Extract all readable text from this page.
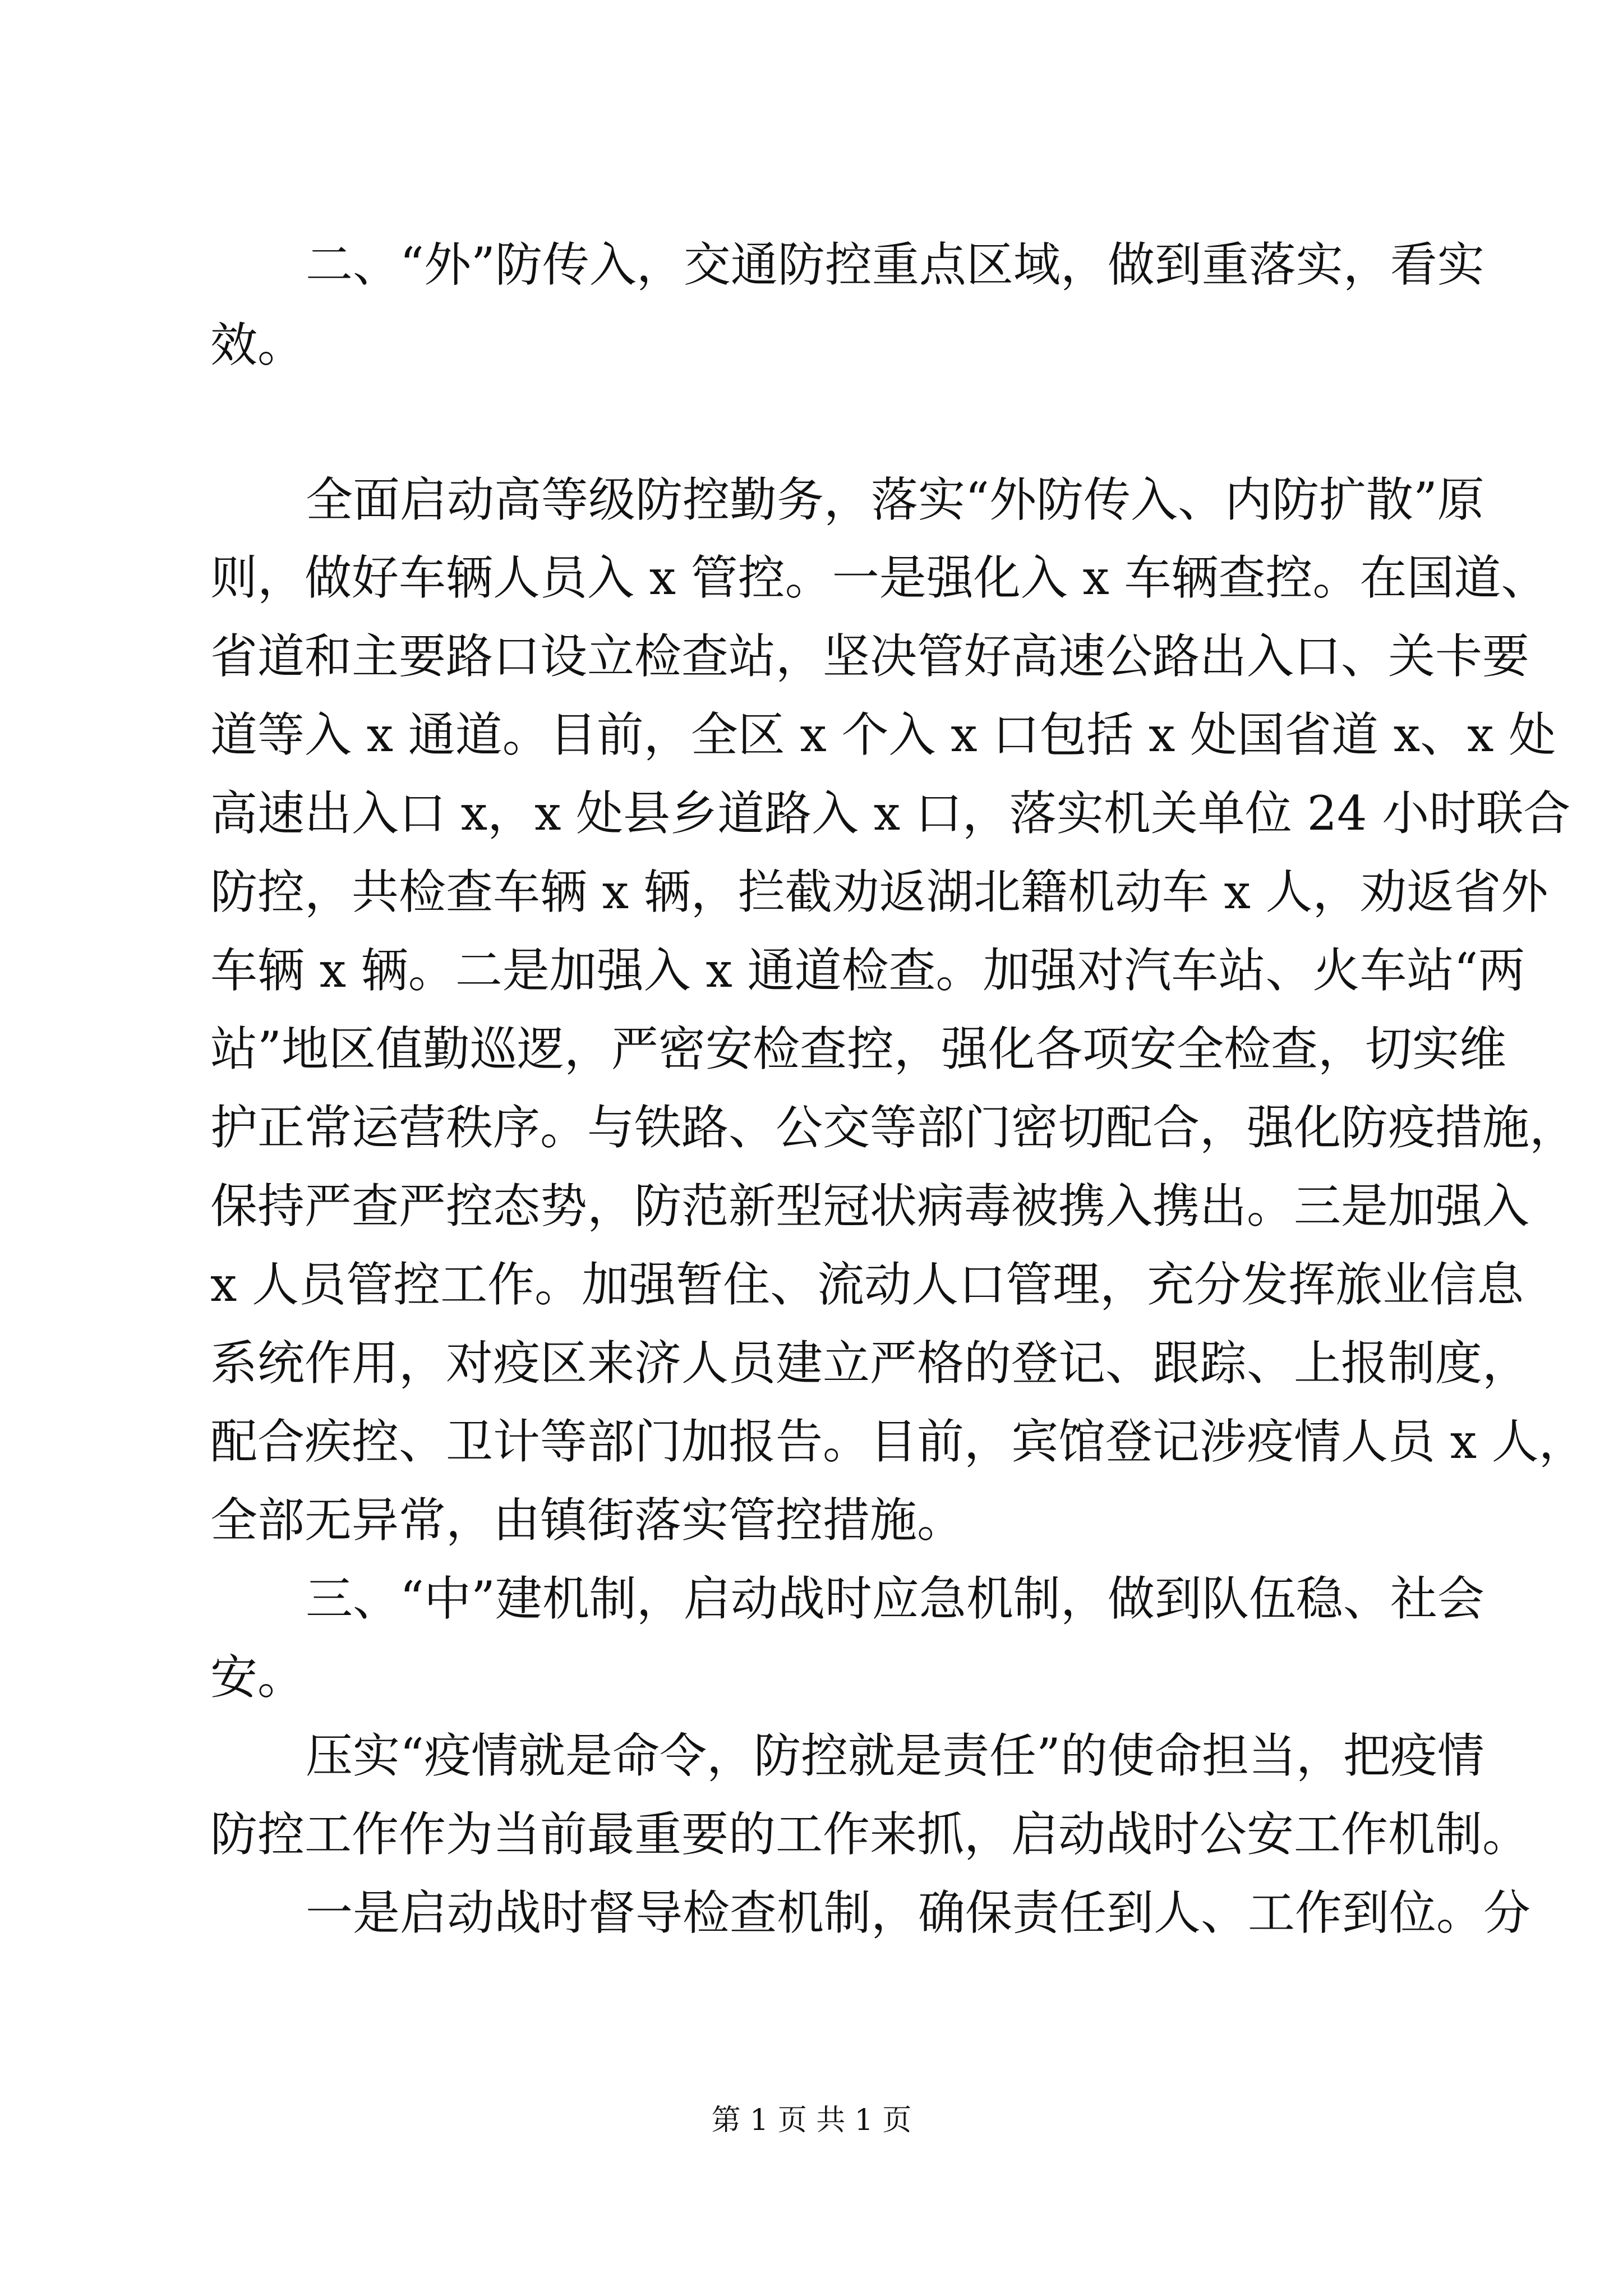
二、“外”防传入，交通防控重点区域，做到重落实，看实
效。
全面启动高等级防控勤务，落实“外防传入、内防扩散”原
则，做好车辆人员入 x 管控。一是强化入 x 车辆查控。在国道、
省道和主要路口设立检查站，坚决管好高速公路出入口、关卡要
道等入 x 通道。目前，全区 x 个入 x 口包括 x 处国省道 x、x 处
高速出入口 x，x 处县乡道路入 x 口，落实机关单位 24 小时联合
防控，共检查车辆 x 辆，拦截劝返湖北籍机动车 x 人，劝返省外
车辆 x 辆。二是加强入 x 通道检查。加强对汽车站、火车站“两
站”地区值勤巡逻，严密安检查控，强化各项安全检查，切实维
护正常运营秩序。与铁路、公交等部门密切配合，强化防疫措施，
保持严查严控态势，防范新型冠状病毒被携入携出。三是加强入
x 人员管控工作。加强暂住、流动人口管理，充分发挥旅业信息
系统作用，对疫区来济人员建立严格的登记、跟踪、上报制度，
配合疾控、卫计等部门加报告。目前，宾馆登记涉疫情人员 x 人，
全部无异常，由镇街落实管控措施。
三、“中”建机制，启动战时应急机制，做到队伍稳、社会
安。
压实“疫情就是命令，防控就是责任”的使命担当，把疫情
防控工作作为当前最重要的工作来抓，启动战时公安工作机制。
一是启动战时督导检查机制，确保责任到人、工作到位。分
第 1 页 共 1 页
